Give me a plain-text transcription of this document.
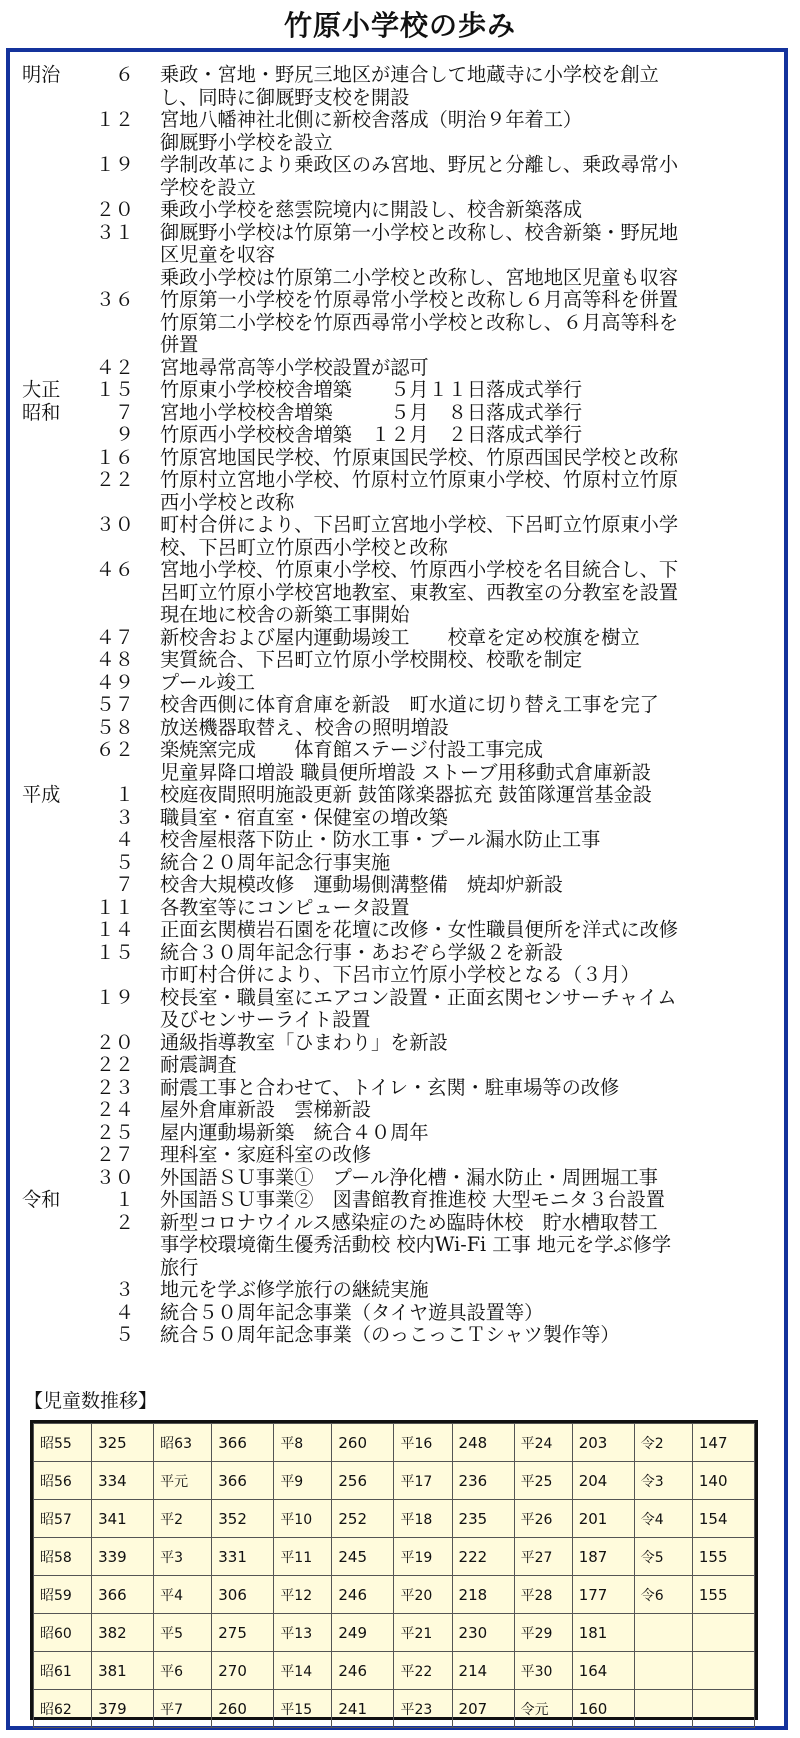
竹原小学校の歩み
明治	６	乗政・宮地・野尻三地区が連合して地蔵寺に小学校を創立
し、同時に御厩野支校を開設
１２	宮地八幡神社北側に新校舎落成（明治９年着工）
御厩野小学校を設立
１９	学制改革により乗政区のみ宮地、野尻と分離し、乗政尋常小
学校を設立
２０	乗政小学校を慈雲院境内に開設し、校舎新築落成
３１	御厩野小学校は竹原第一小学校と改称し、校舎新築・野尻地
区児童を収容
乗政小学校は竹原第二小学校と改称し、宮地地区児童も収容
３６	竹原第一小学校を竹原尋常小学校と改称し６月高等科を併置
竹原第二小学校を竹原西尋常小学校と改称し、６月高等科を
併置
４２	宮地尋常高等小学校設置が認可
大正	１５	竹原東小学校校舎増築　　５月１１日落成式挙行
昭和	７	宮地小学校校舎増築　　　５月　８日落成式挙行
９	竹原西小学校校舎増築　１２月　２日落成式挙行
１６	竹原宮地国民学校、竹原東国民学校、竹原西国民学校と改称
２２	竹原村立宮地小学校、竹原村立竹原東小学校、竹原村立竹原
西小学校と改称
３０	町村合併により、下呂町立宮地小学校、下呂町立竹原東小学
校、下呂町立竹原西小学校と改称
４６	宮地小学校、竹原東小学校、竹原西小学校を名目統合し、下
呂町立竹原小学校宮地教室、東教室、西教室の分教室を設置
現在地に校舎の新築工事開始
４７	新校舎および屋内運動場竣工　　校章を定め校旗を樹立
４８	実質統合、下呂町立竹原小学校開校、校歌を制定
４９	プール竣工
５７	校舎西側に体育倉庫を新設　町水道に切り替え工事を完了
５８	放送機器取替え、校舎の照明増設
６２	楽焼窯完成　　体育館ステージ付設工事完成
児童昇降口増設 職員便所増設 ストーブ用移動式倉庫新設
平成	１	校庭夜間照明施設更新 鼓笛隊楽器拡充 鼓笛隊運営基金設
３	職員室・宿直室・保健室の増改築
４	校舎屋根落下防止・防水工事・プール漏水防止工事
５	統合２０周年記念行事実施
７	校舎大規模改修　運動場側溝整備　焼却炉新設
１１	各教室等にコンピュータ設置
１４	正面玄関横岩石園を花壇に改修・女性職員便所を洋式に改修
１５	統合３０周年記念行事・あおぞら学級２を新設
市町村合併により、下呂市立竹原小学校となる（３月）
１９	校長室・職員室にエアコン設置・正面玄関センサーチャイム
及びセンサーライト設置
２０	通級指導教室「ひまわり」を新設
２２	耐震調査
２３	耐震工事と合わせて、トイレ・玄関・駐車場等の改修
２４	屋外倉庫新設　雲梯新設
２５	屋内運動場新築　統合４０周年
２７	理科室・家庭科室の改修
３０	外国語ＳＵ事業①　プール浄化槽・漏水防止・周囲堀工事
令和	１	外国語ＳＵ事業②　図書館教育推進校 大型モニタ３台設置
２	新型コロナウイルス感染症のため臨時休校　貯水槽取替工
事学校環境衛生優秀活動校 校内Wi-Fi 工事 地元を学ぶ修学
旅行
３	地元を学ぶ修学旅行の継続実施
４	統合５０周年記念事業（タイヤ遊具設置等）
５	統合５０周年記念事業（のっこっこＴシャツ製作等）
【児童数推移】
昭55	325	昭63	366	平8	260	平16	248	平24	203	令2	147
昭56	334	平元	366	平9	256	平17	236	平25	204	令3	140
昭57	341	平2	352	平10	252	平18	235	平26	201	令4	154
昭58	339	平3	331	平11	245	平19	222	平27	187	令5	155
昭59	366	平4	306	平12	246	平20	218	平28	177	令6	155
昭60	382	平5	275	平13	249	平21	230	平29	181		
昭61	381	平6	270	平14	246	平22	214	平30	164		
昭62	379	平7	260	平15	241	平23	207	令元	160		
